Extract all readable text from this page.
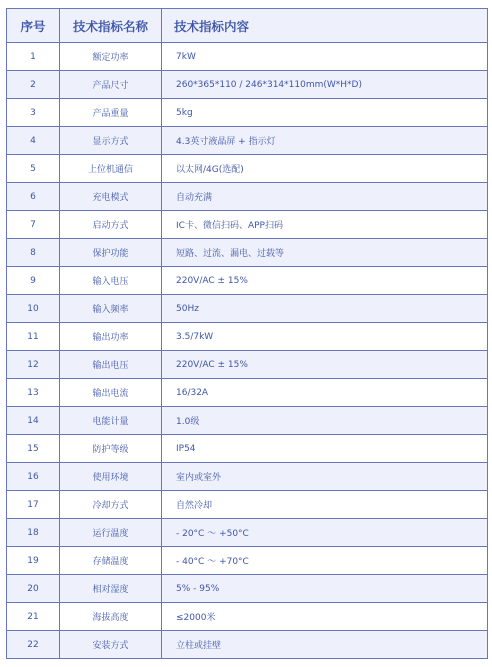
序号	技术指标名称	技术指标内容
1	额定功率	7kW
2	产品尺寸	260*365*110 / 246*314*110mm(W*H*D)
3	产品重量	5kg
4	显示方式	4.3英寸液晶屏 + 指示灯
5	上位机通信	以太网/4G(选配)
6	充电模式	自动充满
7	启动方式	IC卡、微信扫码、APP扫码
8	保护功能	短路、过流、漏电、过载等
9	输入电压	220V/AC ± 15%
10	输入频率	50Hz
11	输出功率	3.5/7kW
12	输出电压	220V/AC ± 15%
13	输出电流	16/32A
14	电能计量	1.0级
15	防护等级	IP54
16	使用环境	室内或室外
17	冷却方式	自然冷却
18	运行温度	- 20°C ～ +50°C
19	存储温度	- 40°C ～ +70°C
20	相对湿度	5% - 95%
21	海拔高度	≤2000米
22	安装方式	立柱或挂壁
